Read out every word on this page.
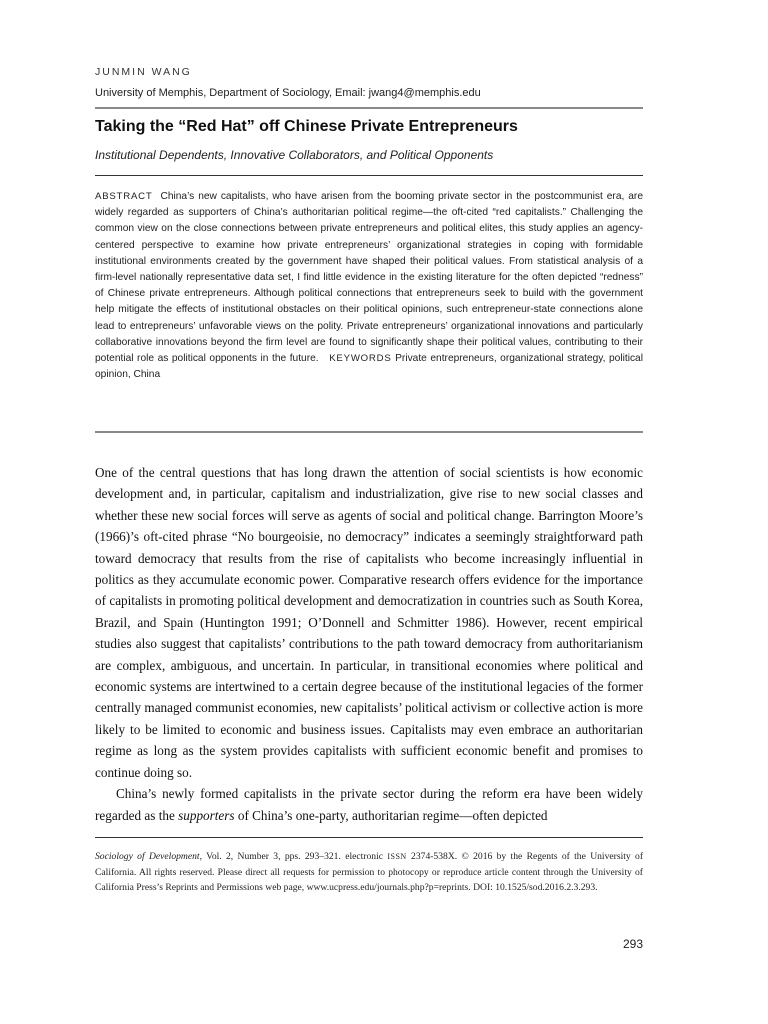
JUNMIN WANG
University of Memphis, Department of Sociology, Email: jwang4@memphis.edu
Taking the “Red Hat” off Chinese Private Entrepreneurs
Institutional Dependents, Innovative Collaborators, and Political Opponents
ABSTRACT China’s new capitalists, who have arisen from the booming private sector in the postcommunist era, are widely regarded as supporters of China’s authoritarian political regime—the oft-cited “red capitalists.” Challenging the common view on the close connections between private entrepreneurs and political elites, this study applies an agency-centered perspective to examine how private entrepreneurs’ organizational strategies in coping with formidable institutional environments created by the government have shaped their political values. From statistical analysis of a firm-level nationally representative data set, I find little evidence in the existing literature for the often depicted “redness” of Chinese private entrepreneurs. Although political connections that entrepreneurs seek to build with the government help mitigate the effects of institutional obstacles on their political opinions, such entrepreneur-state connections alone lead to entrepreneurs’ unfavorable views on the polity. Private entrepreneurs’ organizational innovations and particularly collaborative innovations beyond the firm level are found to significantly shape their political values, contributing to their potential role as political opponents in the future. KEYWORDS Private entrepreneurs, organizational strategy, political opinion, China

One of the central questions that has long drawn the attention of social scientists is how economic development and, in particular, capitalism and industrialization, give rise to new social classes and whether these new social forces will serve as agents of social and political change. Barrington Moore’s (1966)’s oft-cited phrase “No bourgeoisie, no democracy” indicates a seemingly straightforward path toward democracy that results from the rise of capitalists who become increasingly influential in politics as they accumulate economic power. Comparative research offers evidence for the importance of capitalists in promoting political development and democratization in countries such as South Korea, Brazil, and Spain (Huntington 1991; O’Donnell and Schmitter 1986). However, recent empirical studies also suggest that capitalists’ contributions to the path toward democracy from authoritarianism are complex, ambiguous, and uncertain. In particular, in transitional economies where political and economic systems are intertwined to a certain degree because of the institutional legacies of the former centrally managed communist economies, new capitalists’ political activism or collective action is more likely to be limited to economic and business issues. Capitalists may even embrace an authoritarian regime as long as the system provides capitalists with sufficient economic benefit and promises to continue doing so.

China’s newly formed capitalists in the private sector during the reform era have been widely regarded as the supporters of China’s one-party, authoritarian regime—often depicted

Sociology of Development, Vol. 2, Number 3, pps. 293–321. electronic ISSN 2374-538X. © 2016 by the Regents of the University of California. All rights reserved. Please direct all requests for permission to photocopy or reproduce article content through the University of California Press’s Reprints and Permissions web page, www.ucpress.edu/journals.php?p=reprints. DOI: 10.1525/sod.2016.2.3.293.
293
